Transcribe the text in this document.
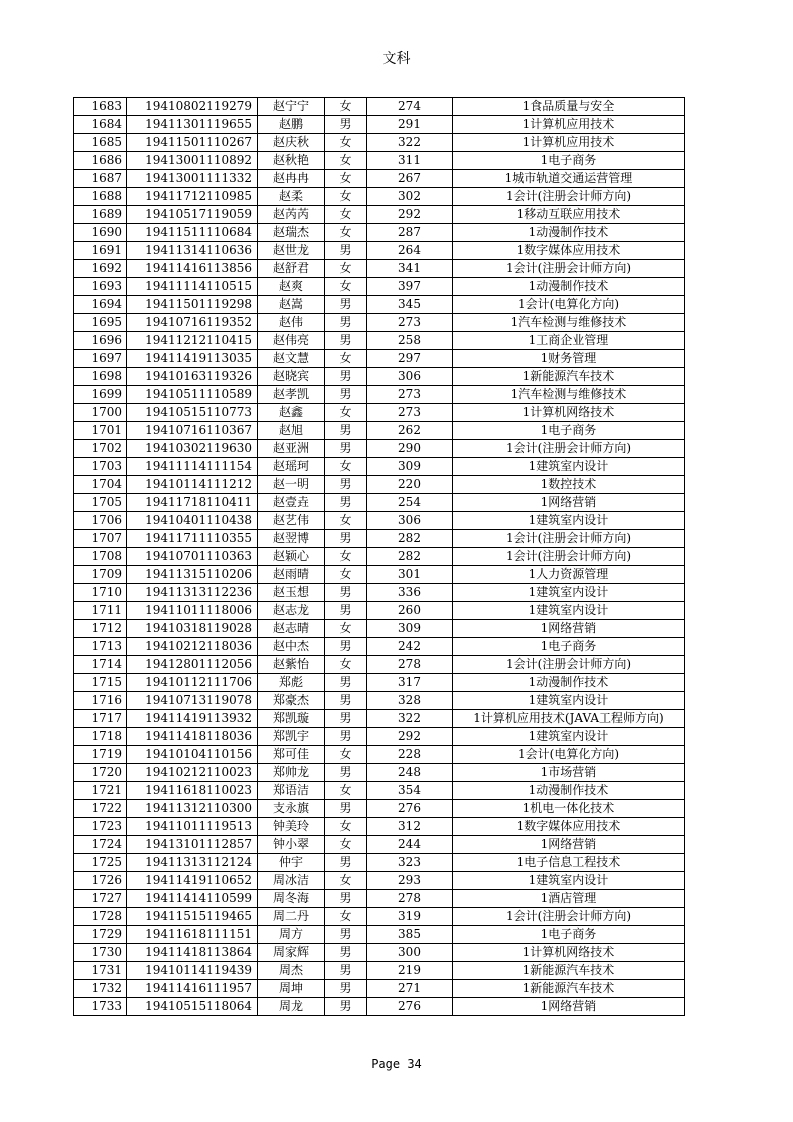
文科
1683	19410802119279	赵宁宁	女	274	1食品质量与安全
1684	19411301119655	赵鹏	男	291	1计算机应用技术
1685	19411501110267	赵庆秋	女	322	1计算机应用技术
1686	19413001110892	赵秋艳	女	311	1电子商务
1687	19413001111332	赵冉冉	女	267	1城市轨道交通运营管理
1688	19411712110985	赵柔	女	302	1会计(注册会计师方向)
1689	19410517119059	赵芮芮	女	292	1移动互联应用技术
1690	19411511110684	赵瑞杰	女	287	1动漫制作技术
1691	19411314110636	赵世龙	男	264	1数字媒体应用技术
1692	19411416113856	赵舒君	女	341	1会计(注册会计师方向)
1693	19411114110515	赵爽	女	397	1动漫制作技术
1694	19411501119298	赵嵩	男	345	1会计(电算化方向)
1695	19410716119352	赵伟	男	273	1汽车检测与维修技术
1696	19411212110415	赵伟亮	男	258	1工商企业管理
1697	19411419113035	赵文慧	女	297	1财务管理
1698	19410163119326	赵晓宾	男	306	1新能源汽车技术
1699	19410511110589	赵孝凯	男	273	1汽车检测与维修技术
1700	19410515110773	赵鑫	女	273	1计算机网络技术
1701	19410716110367	赵旭	男	262	1电子商务
1702	19410302119630	赵亚洲	男	290	1会计(注册会计师方向)
1703	19411114111154	赵瑶珂	女	309	1建筑室内设计
1704	19410114111212	赵一明	男	220	1数控技术
1705	19411718110411	赵壹垚	男	254	1网络营销
1706	19410401110438	赵艺伟	女	306	1建筑室内设计
1707	19411711110355	赵翌博	男	282	1会计(注册会计师方向)
1708	19410701110363	赵颖心	女	282	1会计(注册会计师方向)
1709	19411315110206	赵雨晴	女	301	1人力资源管理
1710	19411313112236	赵玉想	男	336	1建筑室内设计
1711	19411011118006	赵志龙	男	260	1建筑室内设计
1712	19410318119028	赵志晴	女	309	1网络营销
1713	19410212118036	赵中杰	男	242	1电子商务
1714	19412801112056	赵紫怡	女	278	1会计(注册会计师方向)
1715	19410112111706	郑彪	男	317	1动漫制作技术
1716	19410713119078	郑豪杰	男	328	1建筑室内设计
1717	19411419113932	郑凯璇	男	322	1计算机应用技术(JAVA工程师方向)
1718	19411418118036	郑凯宇	男	292	1建筑室内设计
1719	19410104110156	郑可佳	女	228	1会计(电算化方向)
1720	19410212110023	郑帅龙	男	248	1市场营销
1721	19411618110023	郑语洁	女	354	1动漫制作技术
1722	19411312110300	支永旗	男	276	1机电一体化技术
1723	19411011119513	钟美玲	女	312	1数字媒体应用技术
1724	19413101112857	钟小翠	女	244	1网络营销
1725	19411313112124	仲宇	男	323	1电子信息工程技术
1726	19411419110652	周冰洁	女	293	1建筑室内设计
1727	19411414110599	周冬海	男	278	1酒店管理
1728	19411515119465	周二丹	女	319	1会计(注册会计师方向)
1729	19411618111151	周方	男	385	1电子商务
1730	19411418113864	周家辉	男	300	1计算机网络技术
1731	19410114119439	周杰	男	219	1新能源汽车技术
1732	19411416111957	周坤	男	271	1新能源汽车技术
1733	19410515118064	周龙	男	276	1网络营销
Page 34
